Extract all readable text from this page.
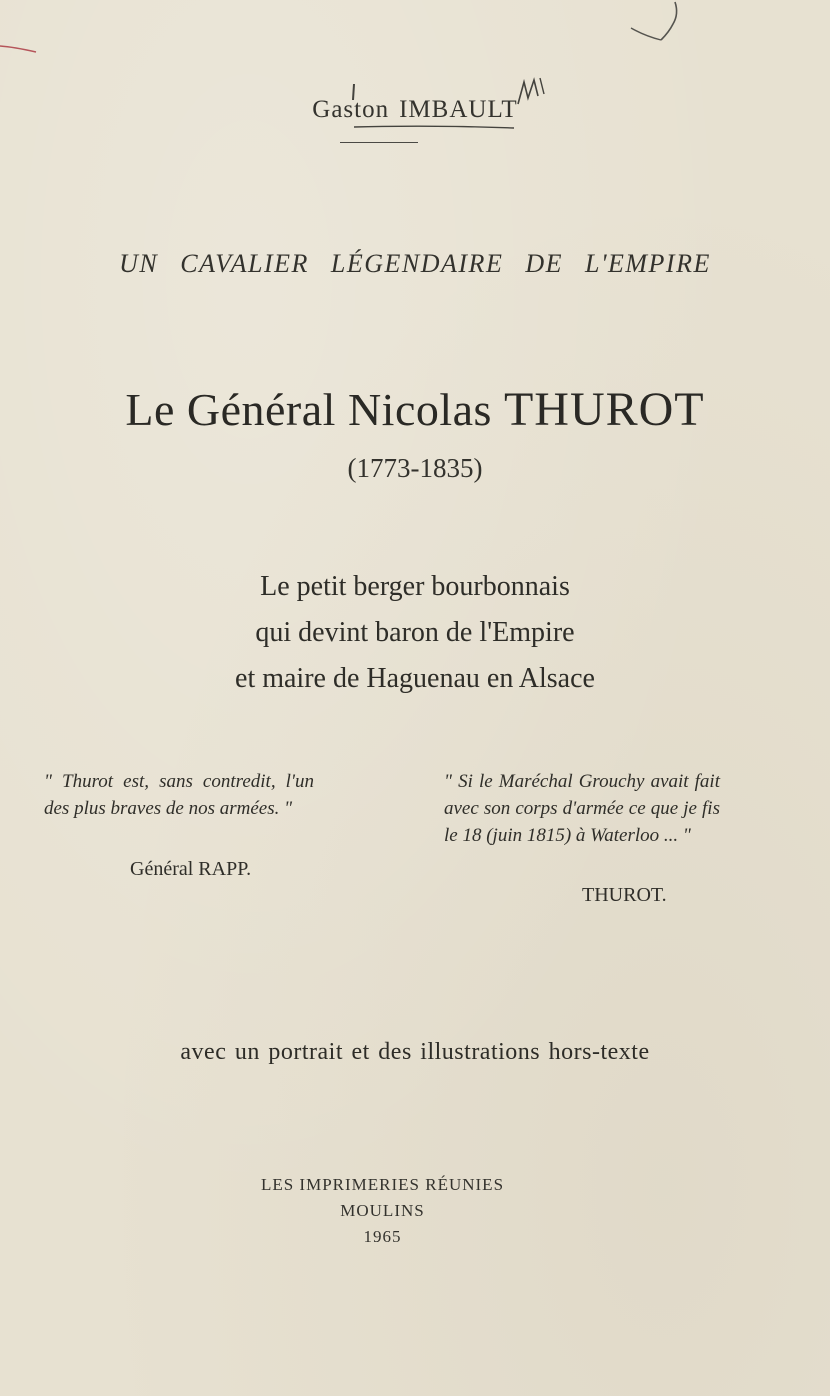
Gaston IMBAULT
UN CAVALIER LÉGENDAIRE DE L'EMPIRE
Le Général Nicolas THUROT
(1773-1835)
Le petit berger bourbonnais
qui devint baron de l'Empire
et maire de Haguenau en Alsace
" Thurot est, sans contredit, l'un des plus braves de nos armées. "
Général RAPP.
" Si le Maréchal Grouchy avait fait avec son corps d'armée ce que je fis le 18 (juin 1815) à Waterloo ... "
THUROT.
avec un portrait et des illustrations hors-texte
LES IMPRIMERIES RÉUNIES
MOULINS
1965
